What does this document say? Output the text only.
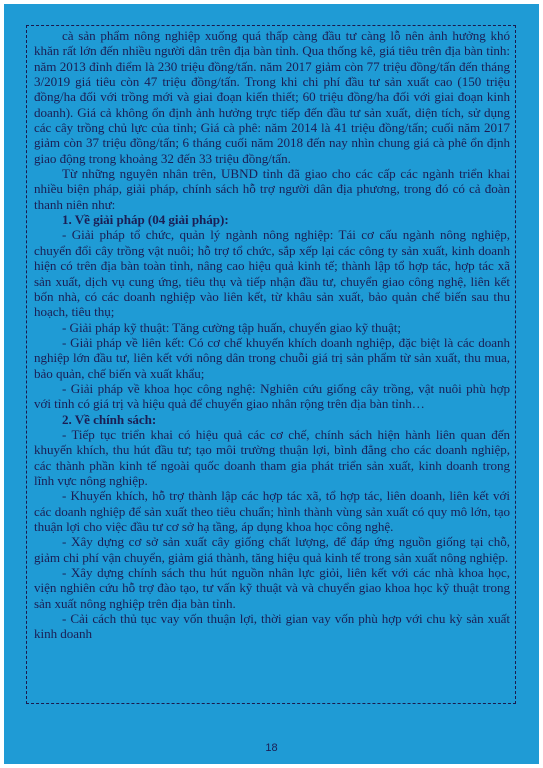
cà sản phẩm nông nghiệp xuống quá thấp càng đầu tư càng lỗ nên ảnh hưởng khó khăn rất lớn đến nhiều người dân trên địa bàn tỉnh. Qua thống kê, giá tiêu trên địa bàn tỉnh: năm 2013 đỉnh điểm là 230 triệu đồng/tấn. năm 2017 giảm còn 77 triệu đồng/tấn đến tháng 3/2019 giá tiêu còn 47 triệu đồng/tấn. Trong khi chi phí đầu tư sản xuất cao (150 triệu đồng/ha đối với trồng mới và giai đoạn kiến thiết; 60 triệu đồng/ha đối với giai đoạn kinh doanh). Giá cả không ổn định ảnh hưởng trực tiếp đến đầu tư sản xuất, diện tích, sử dụng các cây trồng chủ lực của tỉnh; Giá cà phê: năm 2014 là 41 triệu đồng/tấn; cuối năm 2017 giảm còn 37 triệu đồng/tấn; 6 tháng cuối năm 2018 đến nay nhìn chung giá cà phê ổn định giao động trong khoảng 32 đến 33 triệu đồng/tấn.

Từ những nguyên nhân trên, UBND tỉnh đã giao cho các cấp các ngành triển khai nhiều biện pháp, giải pháp, chính sách hỗ trợ người dân địa phương, trong đó có cả đoàn thanh niên như:

1. Về giải pháp (04 giải pháp):

- Giải pháp tổ chức, quản lý ngành nông nghiệp: Tái cơ cấu ngành nông nghiệp, chuyển đổi cây trồng vật nuôi; hỗ trợ tổ chức, sắp xếp lại các công ty sản xuất, kinh doanh hiện có trên địa bàn toàn tỉnh, nâng cao hiệu quả kinh tế; thành lập tổ hợp tác, hợp tác xã sản xuất, dịch vụ cung ứng, tiêu thụ và tiếp nhận đầu tư, chuyển giao công nghệ, liên kết bốn nhà, có các doanh nghiệp vào liên kết, từ khâu sản xuất, bảo quản chế biến sau thu hoạch, tiêu thụ;

- Giải pháp kỹ thuật: Tăng cường tập huấn, chuyển giao kỹ thuật;

- Giải pháp về liên kết: Có cơ chế khuyến khích doanh nghiệp, đặc biệt là các doanh nghiệp lớn đầu tư, liên kết với nông dân trong chuỗi giá trị sản phẩm từ sản xuất, thu mua, bảo quản, chế biến và xuất khẩu;

- Giải pháp về khoa học công nghệ: Nghiên cứu giống cây trồng, vật nuôi phù hợp với tỉnh có giá trị và hiệu quả để chuyển giao nhân rộng trên địa bàn tỉnh…

2. Về chính sách:

- Tiếp tục triển khai có hiệu quả các cơ chế, chính sách hiện hành liên quan đến khuyến khích, thu hút đầu tư; tạo môi trường thuận lợi, bình đẳng cho các doanh nghiệp, các thành phần kinh tế ngoài quốc doanh tham gia phát triển sản xuất, kinh doanh trong lĩnh vực nông nghiệp.

- Khuyến khích, hỗ trợ thành lập các hợp tác xã, tổ hợp tác, liên doanh, liên kết với các doanh nghiệp để sản xuất theo tiêu chuẩn; hình thành vùng sản xuất có quy mô lớn, tạo thuận lợi cho việc đầu tư cơ sở hạ tầng, áp dụng khoa học công nghệ.

- Xây dựng cơ sở sản xuất cây giống chất lượng, để đáp ứng nguồn giống tại chỗ, giảm chi phí vận chuyển, giảm giá thành, tăng hiệu quả kinh tế trong sản xuất nông nghiệp.

- Xây dựng chính sách thu hút nguồn nhân lực giỏi, liên kết với các nhà khoa học, viện nghiên cứu hỗ trợ đào tạo, tư vấn kỹ thuật và và chuyển giao khoa học kỹ thuật trong sản xuất nông nghiệp trên địa bàn tỉnh.

- Cải cách thủ tục vay vốn thuận lợi, thời gian vay vốn phù hợp với chu kỳ sản xuất kinh doanh

18
